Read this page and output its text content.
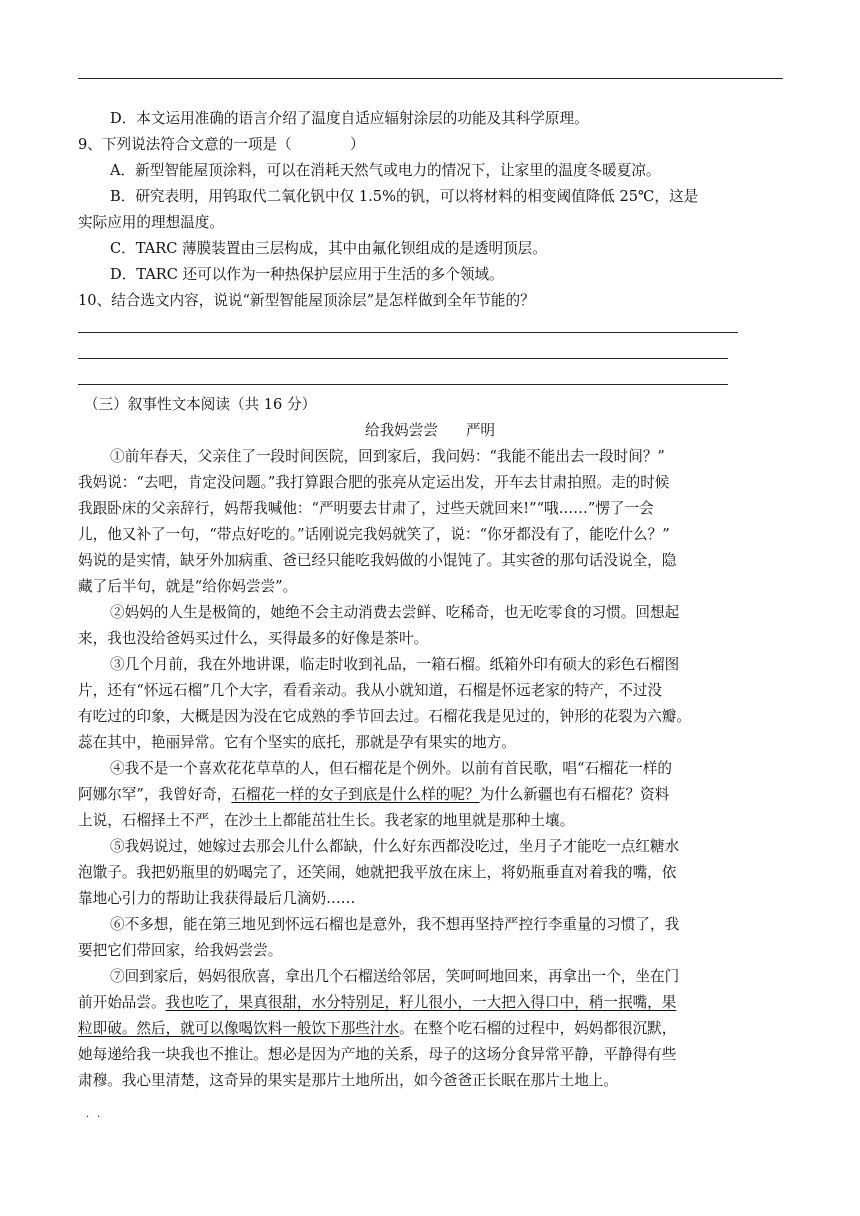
D．本文运用准确的语言介绍了温度自适应辐射涂层的功能及其科学原理。
9、下列说法符合文意的一项是（　　　　）
A．新型智能屋顶涂料，可以在消耗天然气或电力的情况下，让家里的温度冬暖夏凉。
B．研究表明，用钨取代二氧化钒中仅 1.5%的钒，可以将材料的相变阈值降低 25℃，这是
实际应用的理想温度。
C．TARC 薄膜装置由三层构成，其中由氟化钡组成的是透明顶层。
D．TARC 还可以作为一种热保护层应用于生活的多个领域。
10、结合选文内容，说说“新型智能屋顶涂层”是怎样做到全年节能的？
（三）叙事性文本阅读（共 16 分）
给我妈尝尝 严明
①前年春天，父亲住了一段时间医院，回到家后，我问妈：“我能不能出去一段时间？”
我妈说：“去吧，肯定没问题。”我打算跟合肥的张亮从定运出发，开车去甘肃拍照。走的时候
我跟卧床的父亲辞行，妈帮我喊他：“严明要去甘肃了，过些天就回来!”“哦……”愣了一会
儿，他又补了一句，“带点好吃的。”话刚说完我妈就笑了，说：“你牙都没有了，能吃什么？”
妈说的是实情，缺牙外加病重、爸已经只能吃我妈做的小馄饨了。其实爸的那句话没说全，隐
藏了后半句，就是“给你妈尝尝”。
②妈妈的人生是极简的，她绝不会主动消费去尝鲜、吃稀奇，也无吃零食的习惯。回想起
来，我也没给爸妈买过什么，买得最多的好像是茶叶。
③几个月前，我在外地讲课，临走时收到礼品，一箱石榴。纸箱外印有硕大的彩色石榴图
片，还有“怀远石榴”几个大字，看看亲动。我从小就知道，石榴是怀远老家的特产，不过没
有吃过的印象，大概是因为没在它成熟的季节回去过。石榴花我是见过的，钟形的花裂为六瓣。
蕊在其中，艳丽异常。它有个坚实的底托，那就是孕有果实的地方。
④我不是一个喜欢花花草草的人，但石榴花是个例外。以前有首民歌，唱“石榴花一样的
阿娜尔罕”，我曾好奇，石榴花一样的女子到底是什么样的呢？为什么新疆也有石榴花？资料
上说，石榴择土不严，在沙土上都能茁壮生长。我老家的地里就是那种土壤。
⑤我妈说过，她嫁过去那会儿什么都缺，什么好东西都没吃过，坐月子才能吃一点红糖水
泡馓子。我把奶瓶里的奶喝完了，还笑闹，她就把我平放在床上，将奶瓶垂直对着我的嘴，依
靠地心引力的帮助让我获得最后几滴奶……
⑥不多想，能在第三地见到怀远石榴也是意外，我不想再坚持严控行李重量的习惯了，我
要把它们带回家，给我妈尝尝。
⑦回到家后，妈妈很欣喜，拿出几个石榴送给邻居，笑呵呵地回来，再拿出一个，坐在门
前开始品尝。我也吃了，果真很甜，水分特别足，籽儿很小，一大把入得口中，稍一抿嘴，果
粒即破。然后，就可以像喝饮料一般饮下那些汁水。在整个吃石榴的过程中，妈妈都很沉默，
她每递给我一块我也不推让。想必是因为产地的关系，母子的这场分食异常平静，平静得有些
肃穆。我心里清楚，这奇异的果实是那片土地所出，如今爸爸正长眠在那片土地上。
··
